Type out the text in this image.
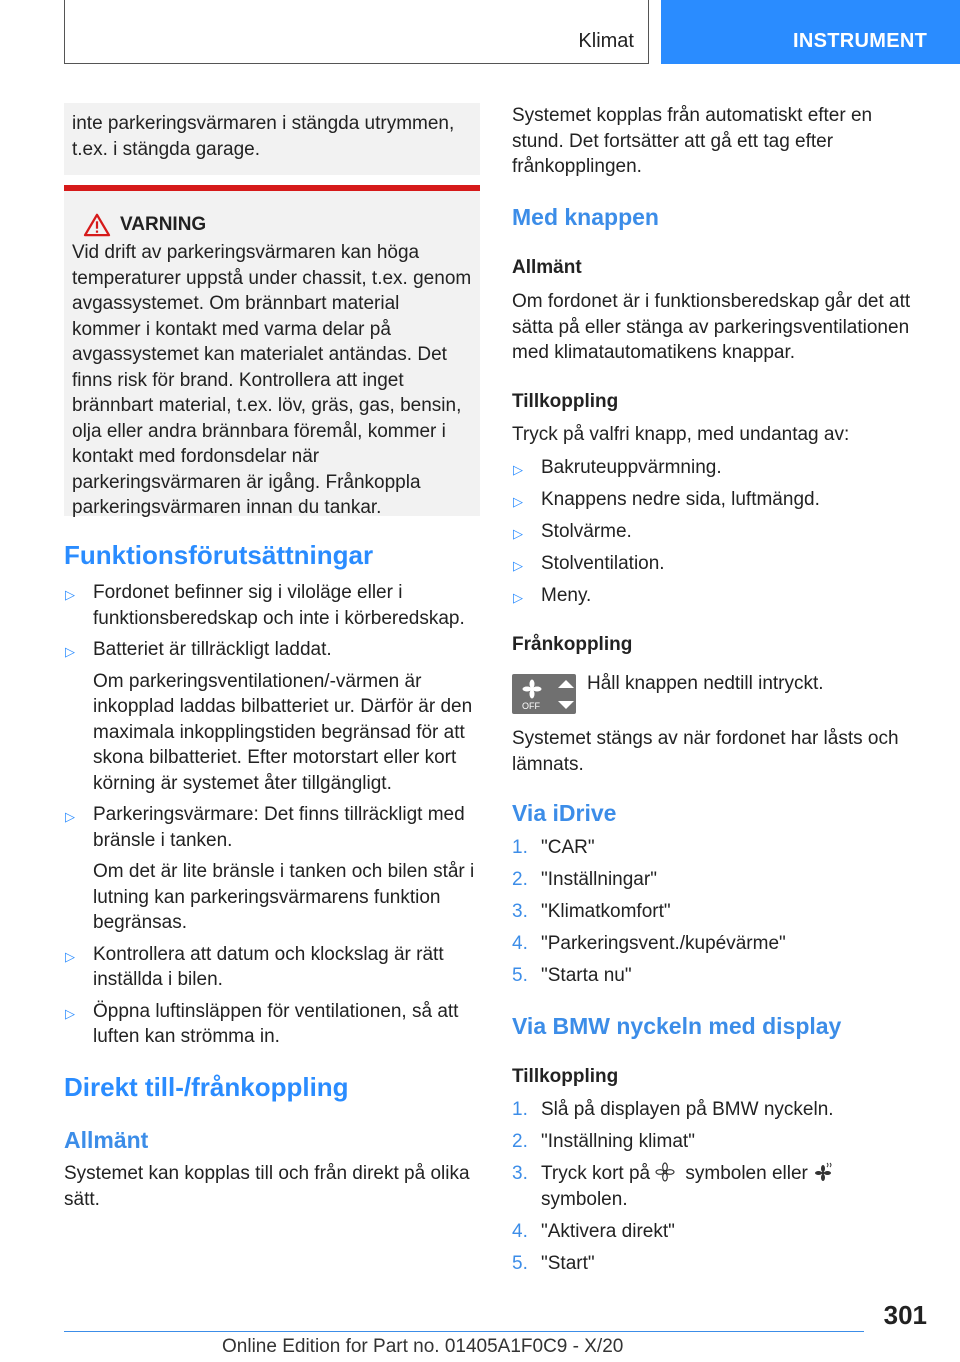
Klimat	INSTRUMENT

inte parkeringsvärmaren i stängda utrymmen, t.ex. i stängda garage.

VARNING

Vid drift av parkeringsvärmaren kan höga temperaturer uppstå under chassit, t.ex. genom avgassystemet. Om brännbart material kommer i kontakt med varma delar på avgassystemet kan materialet antändas. Det finns risk för brand. Kontrollera att inget brännbart material, t.ex. löv, gräs, gas, bensin, olja eller andra brännbara föremål, kommer i kontakt med fordonsdelar när parkeringsvärmaren är igång. Frånkoppla parkeringsvärmaren innan du tankar.

Funktionsförutsättningar
▷ Fordonet befinner sig i viloläge eller i funktionsberedskap och inte i körberedskap.

▷ Batteriet är tillräckligt laddat.

Om parkeringsventilationen/-värmen är inkopplad laddas bilbatteriet ur. Därför är den maximala inkopplingstiden begränsad för att skona bilbatteriet. Efter motorstart eller kort körning är systemet åter tillgängligt.

▷ Parkeringsvärmare: Det finns tillräckligt med bränsle i tanken.

Om det är lite bränsle i tanken och bilen står i lutning kan parkeringsvärmarens funktion begränsas.

▷ Kontrollera att datum och klockslag är rätt inställda i bilen.

▷ Öppna luftinsläppen för ventilationen, så att luften kan strömma in.

Direkt till-/frånkoppling
Allmänt

Systemet kan kopplas till och från direkt på olika sätt.

Systemet kopplas från automatiskt efter en stund. Det fortsätter att gå ett tag efter frånkopplingen.

Med knappen
Allmänt

Om fordonet är i funktionsberedskap går det att sätta på eller stänga av parkeringsventilationen med klimatautomatikens knappar.

Tillkoppling

Tryck på valfri knapp, med undantag av:

▷ Bakruteuppvärmning.

▷ Knappens nedre sida, luftmängd.

▷ Stolvärme.

▷ Stolventilation.

▷ Meny.

Frånkoppling
OFF

Håll knappen nedtill intryckt.

Systemet stängs av när fordonet har låsts och lämnats.

Via iDrive
1. "CAR"
2. "Inställningar"
3. "Klimatkomfort"
4. "Parkeringsvent./kupévärme"
5. "Starta nu"
Via BMW nyckeln med display
Tillkoppling
1. Slå på displayen på BMW nyckeln.
2. "Inställning klimat"
3. Tryck kort på symbolen eller symbolen.
4. "Aktivera direkt"
5. "Start"
301
Online Edition for Part no. 01405A1F0C9 - X/20
